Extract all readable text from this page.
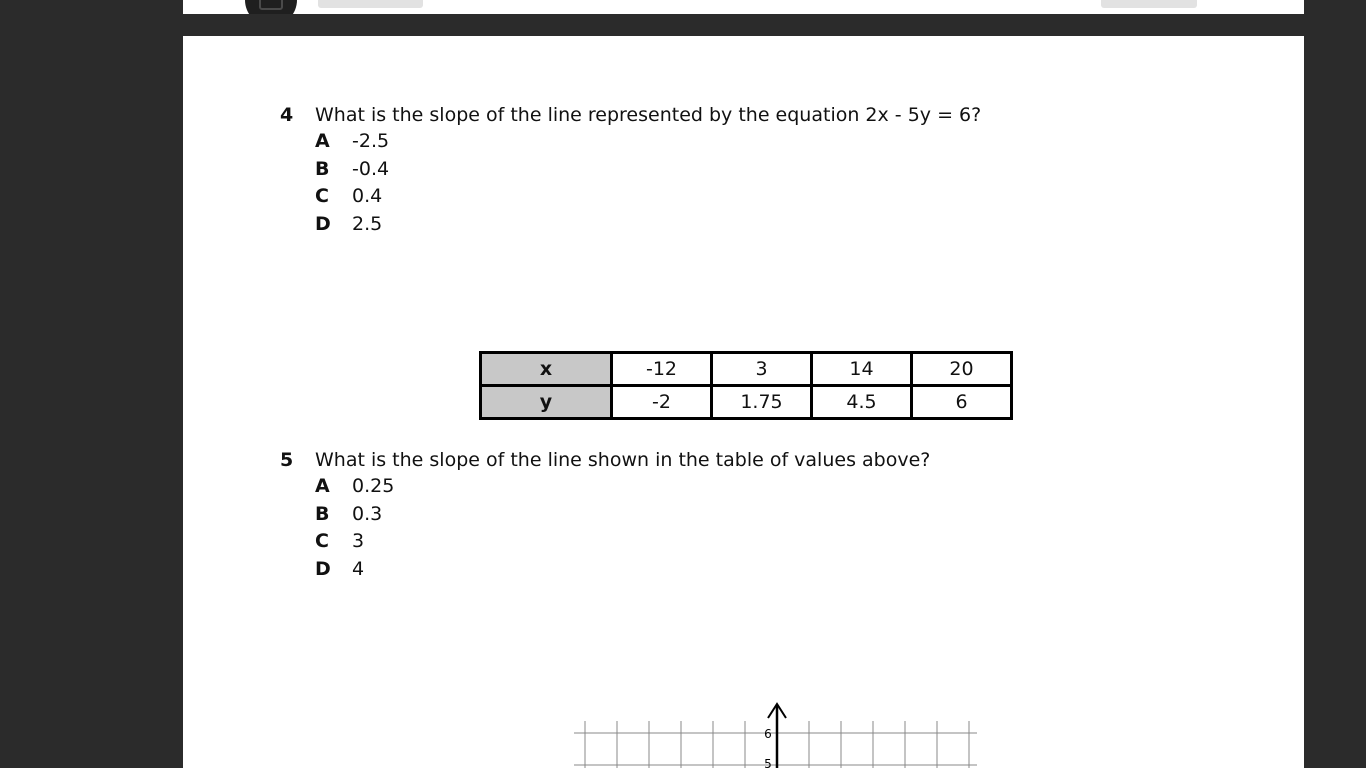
4	What is the slope of the line represented by the equation 2x - 5y = 6?
A	-2.5
B	-0.4
C	0.4
D	2.5
x	-12	3	14	20
y	-2	1.75	4.5	6
5	What is the slope of the line shown in the table of values above?
A	0.25
B	0.3
C	3
D	4
6
5
